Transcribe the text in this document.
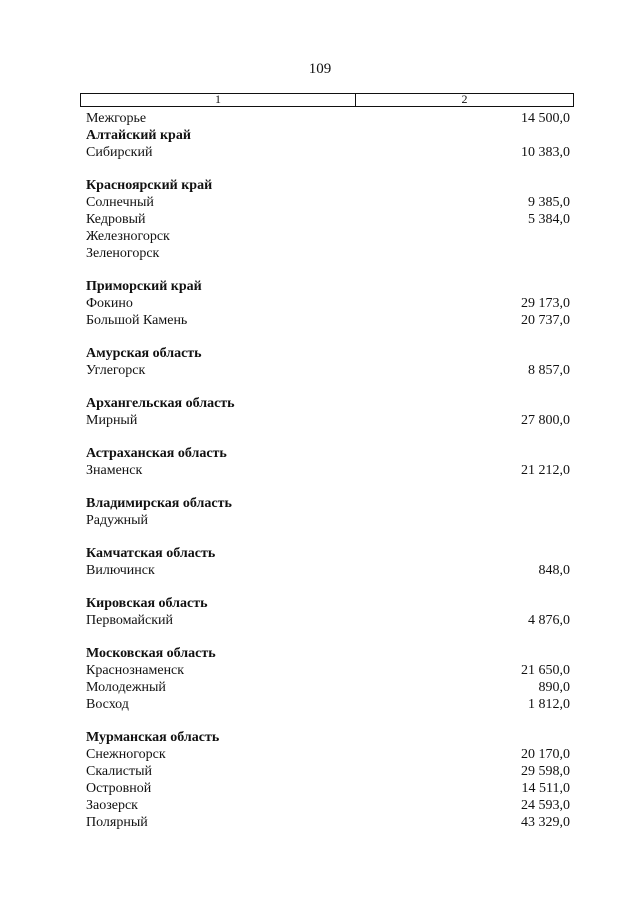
109
1	2
Межгорье	14 500,0
Алтайский край
Сибирский	10 383,0
Красноярский край
Солнечный	9 385,0
Кедровый	5 384,0
Железногорск
Зеленогорск
Приморский край
Фокино	29 173,0
Большой Камень	20 737,0
Амурская область
Углегорск	8 857,0
Архангельская область
Мирный	27 800,0
Астраханская область
Знаменск	21 212,0
Владимирская область
Радужный
Камчатская область
Вилючинск	848,0
Кировская область
Первомайский	4 876,0
Московская область
Краснознаменск	21 650,0
Молодежный	890,0
Восход	1 812,0
Мурманская область
Снежногорск	20 170,0
Скалистый	29 598,0
Островной	14 511,0
Заозерск	24 593,0
Полярный	43 329,0
